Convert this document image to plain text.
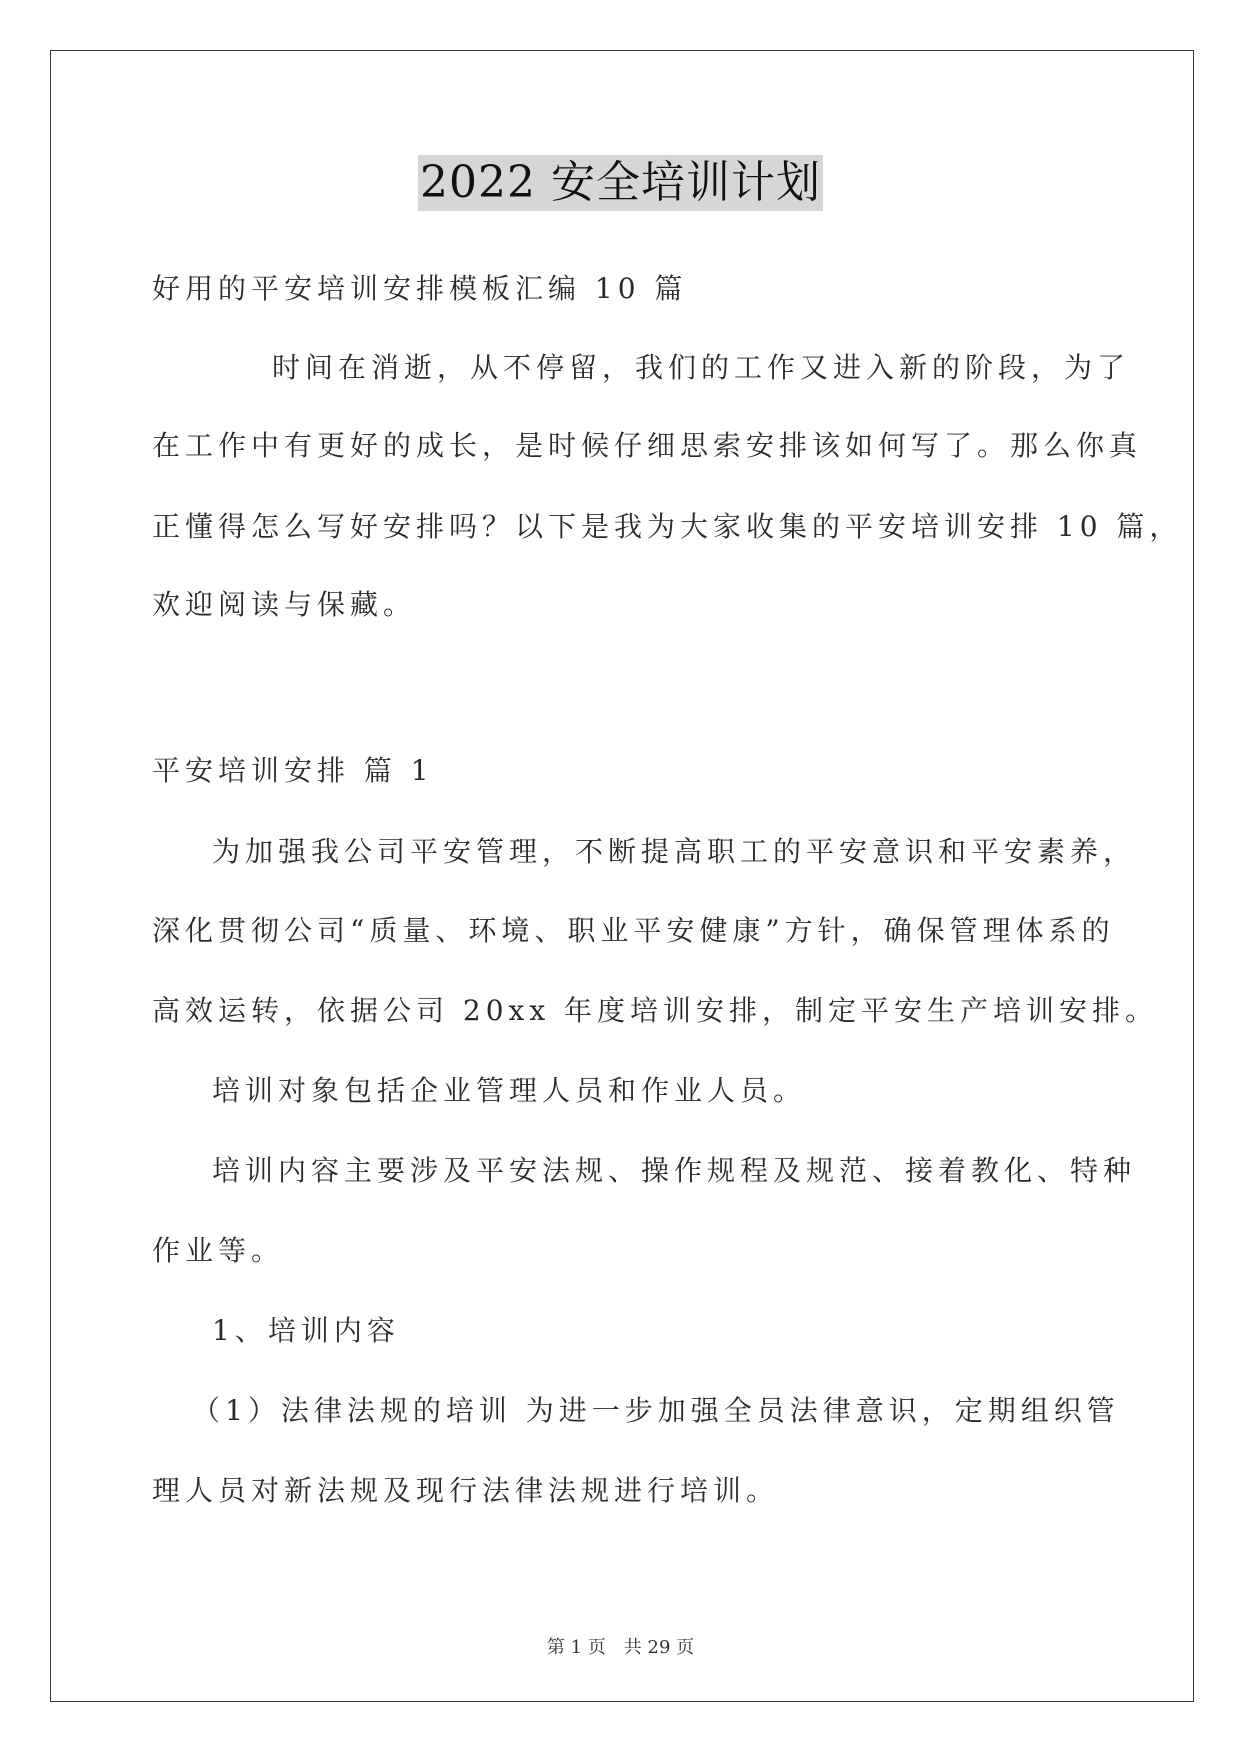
2022 安全培训计划
好用的平安培训安排模板汇编 10 篇
时间在消逝，从不停留，我们的工作又进入新的阶段，为了
在工作中有更好的成长，是时候仔细思索安排该如何写了。那么你真
正懂得怎么写好安排吗？以下是我为大家收集的平安培训安排 10 篇，
欢迎阅读与保藏。
平安培训安排 篇 1
为加强我公司平安管理，不断提高职工的平安意识和平安素养，
深化贯彻公司“质量、环境、职业平安健康”方针，确保管理体系的
高效运转，依据公司 20xx 年度培训安排，制定平安生产培训安排。
培训对象包括企业管理人员和作业人员。
培训内容主要涉及平安法规、操作规程及规范、接着教化、特种
作业等。
1、培训内容
（1）法律法规的培训 为进一步加强全员法律意识，定期组织管
理人员对新法规及现行法律法规进行培训。
第 1 页　共 29 页
